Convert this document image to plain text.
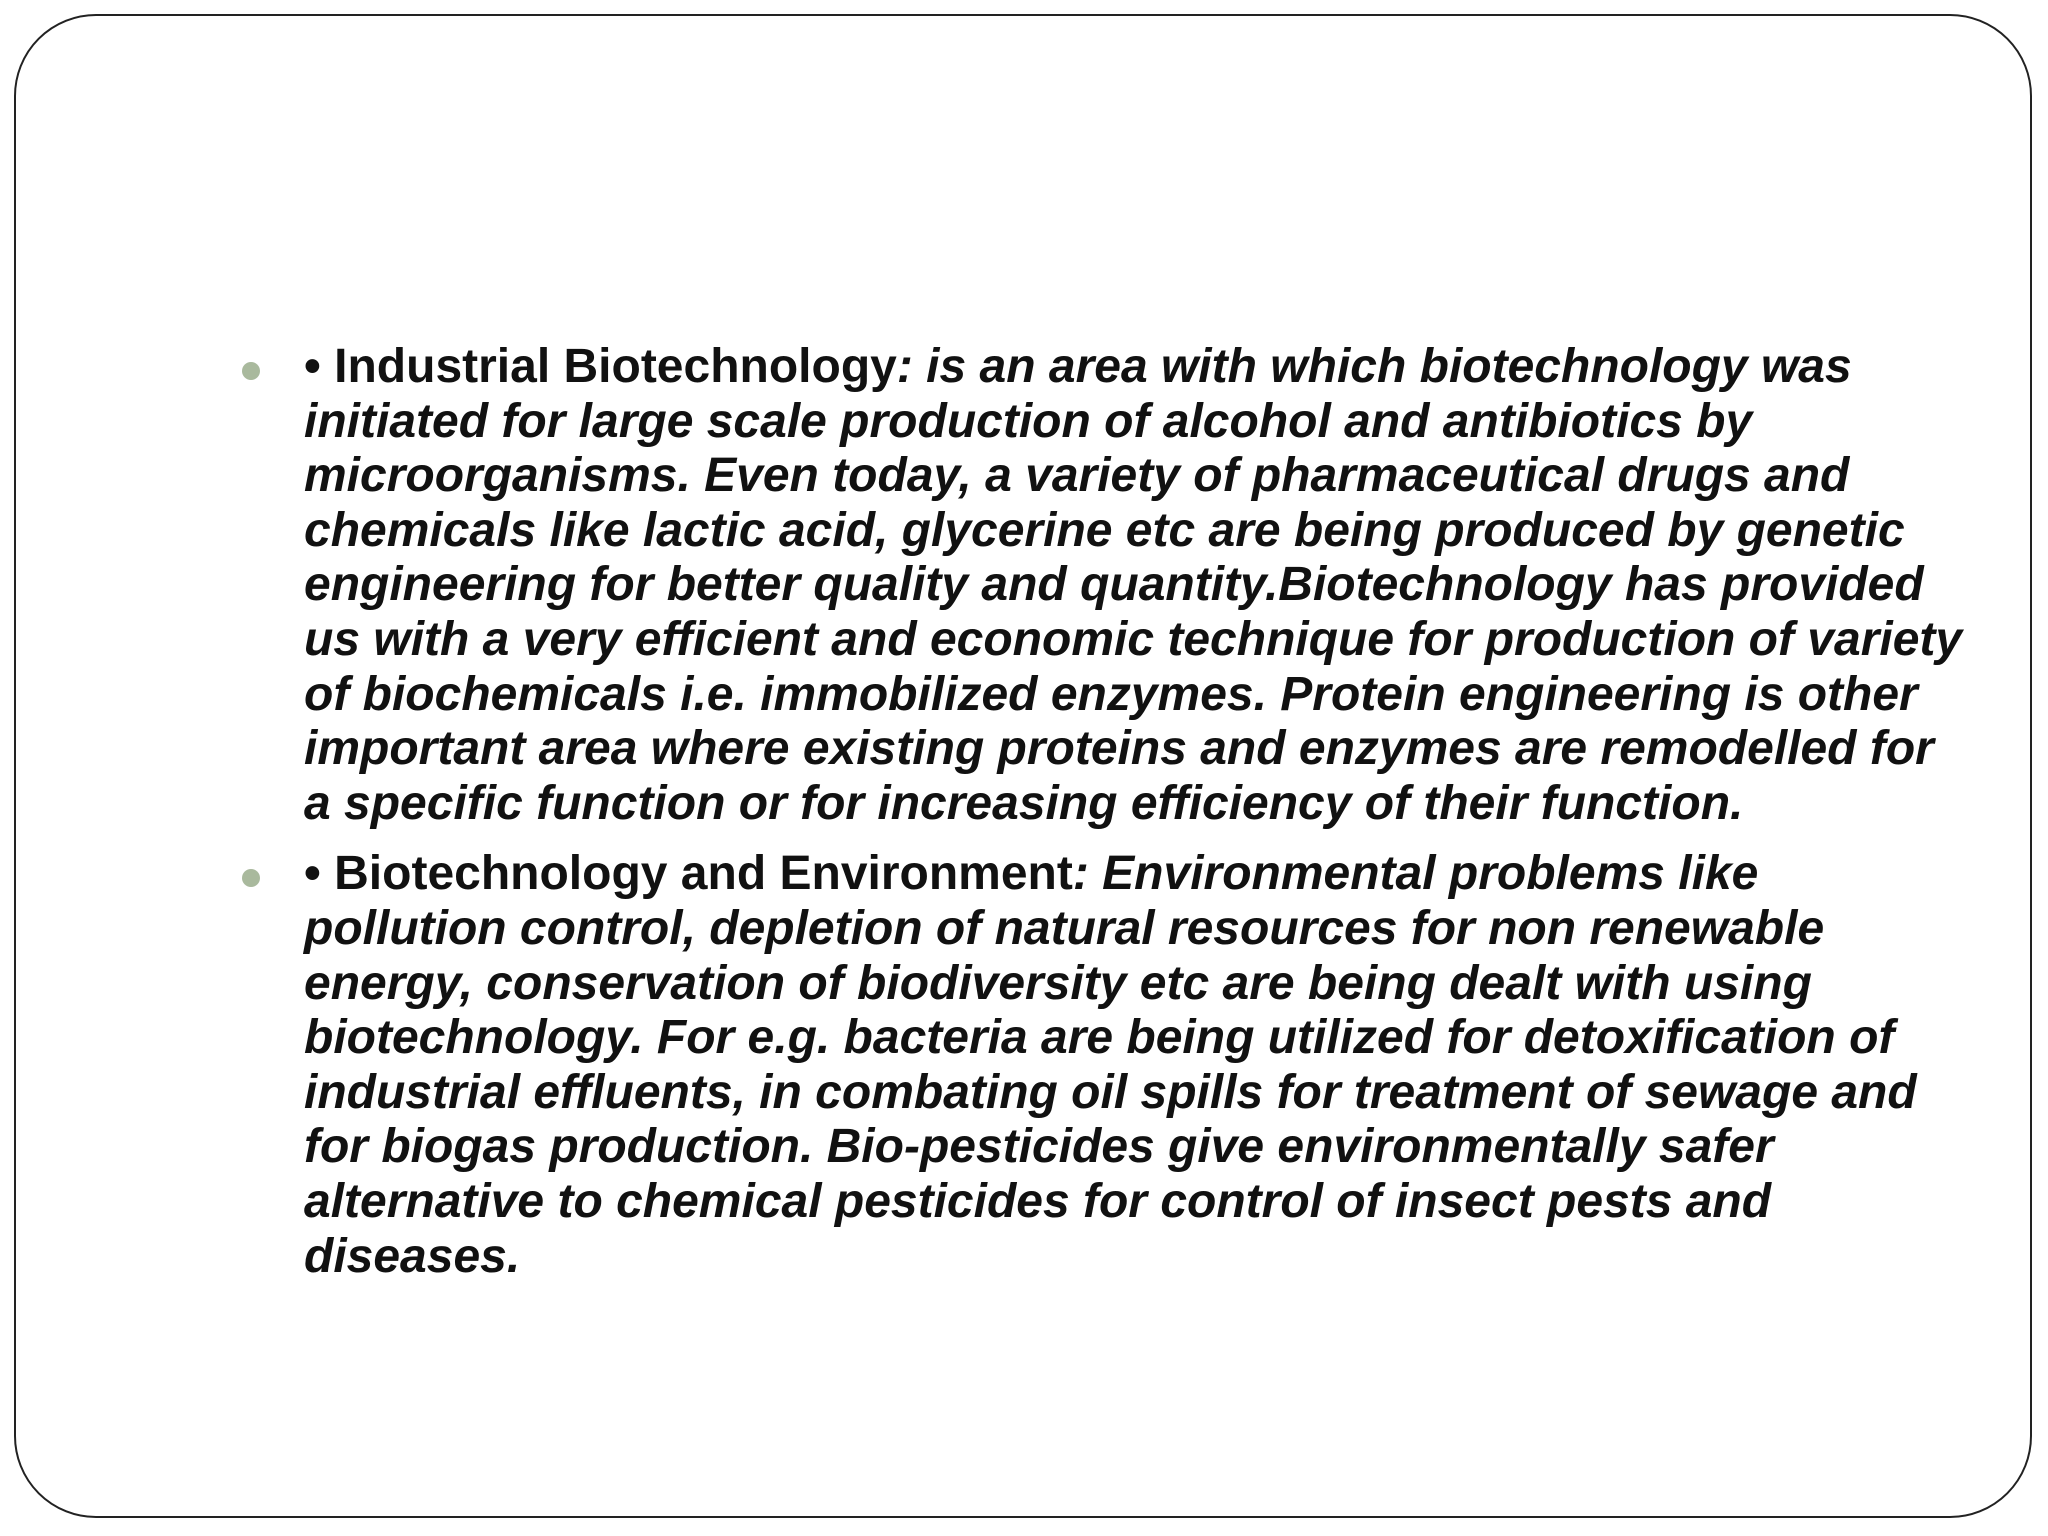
• Industrial Biotechnology: is an area with which biotechnology was initiated for large scale production of alcohol and antibiotics by microorganisms. Even today, a variety of pharmaceutical drugs and chemicals like lactic acid, glycerine etc are being produced by genetic engineering for better quality and quantity.Biotechnology has provided us with a very efficient and economic technique for production of variety of biochemicals i.e. immobilized enzymes. Protein engineering is other important area where existing proteins and enzymes are remodelled for a specific function or for increasing efficiency of their function.
• Biotechnology and Environment: Environmental problems like pollution control, depletion of natural resources for non renewable energy, conservation of biodiversity etc are being dealt with using biotechnology. For e.g. bacteria are being utilized for detoxification of industrial effluents, in combating oil spills for treatment of sewage and for biogas production. Bio-pesticides give environmentally safer alternative to chemical pesticides for control of insect pests and diseases.
